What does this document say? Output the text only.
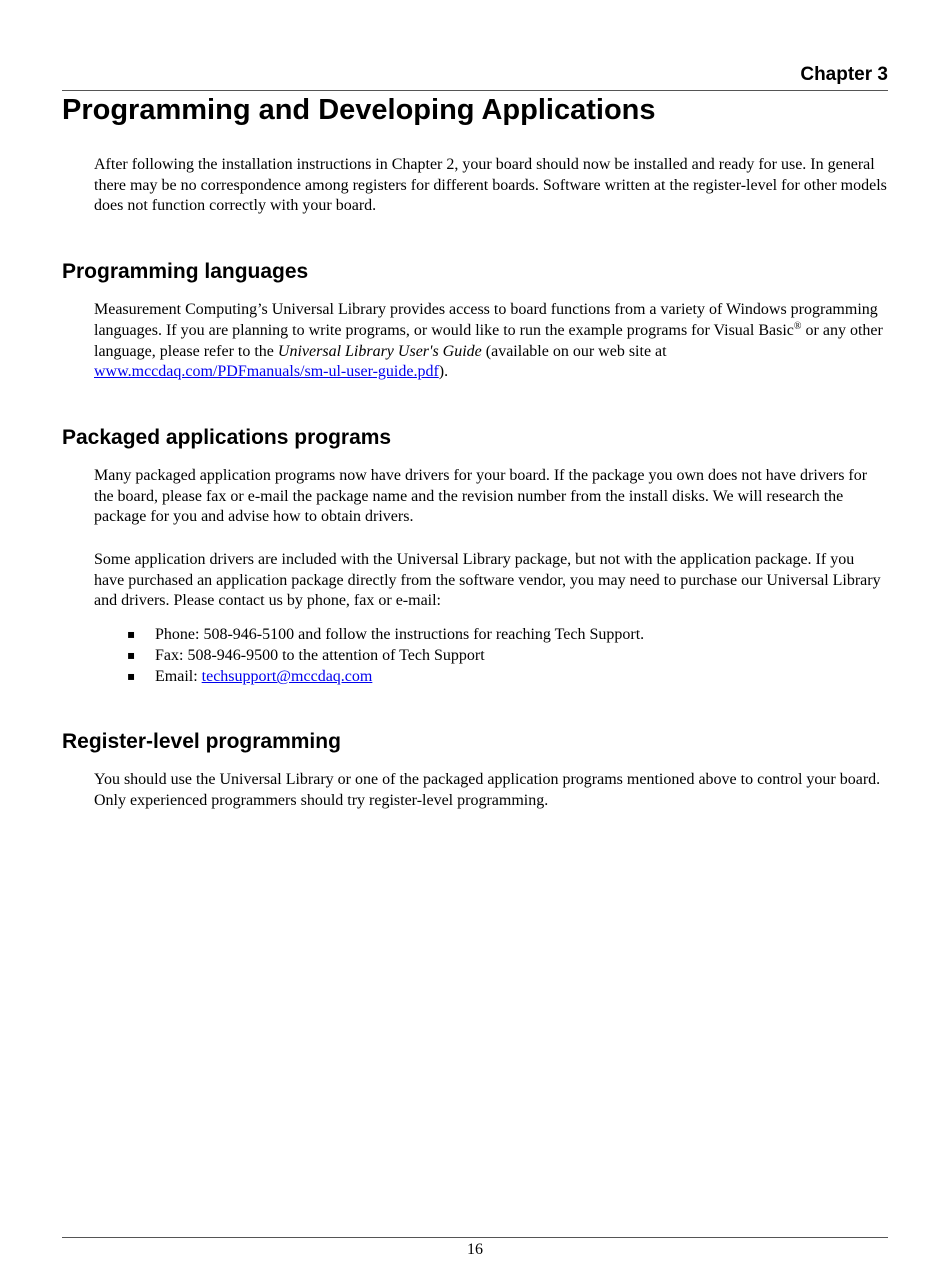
Chapter 3
Programming and Developing Applications

After following the installation instructions in Chapter 2, your board should now be installed and ready for use. In general there may be no correspondence among registers for different boards. Software written at the register-level for other models does not function correctly with your board.

Programming languages

Measurement Computing’s Universal Library provides access to board functions from a variety of Windows programming languages. If you are planning to write programs, or would like to run the example programs for Visual Basic® or any other language, please refer to the Universal Library User's Guide (available on our web site at www.mccdaq.com/PDFmanuals/sm-ul-user-guide.pdf).

Packaged applications programs

Many packaged application programs now have drivers for your board. If the package you own does not have drivers for the board, please fax or e-mail the package name and the revision number from the install disks. We will research the package for you and advise how to obtain drivers.

Some application drivers are included with the Universal Library package, but not with the application package. If you have purchased an application package directly from the software vendor, you may need to purchase our Universal Library and drivers. Please contact us by phone, fax or e-mail:

▪ Phone: 508-946-5100 and follow the instructions for reaching Tech Support.
▪ Fax: 508-946-9500 to the attention of Tech Support
▪ Email: techsupport@mccdaq.com
Register-level programming

You should use the Universal Library or one of the packaged application programs mentioned above to control your board. Only experienced programmers should try register-level programming.

16
